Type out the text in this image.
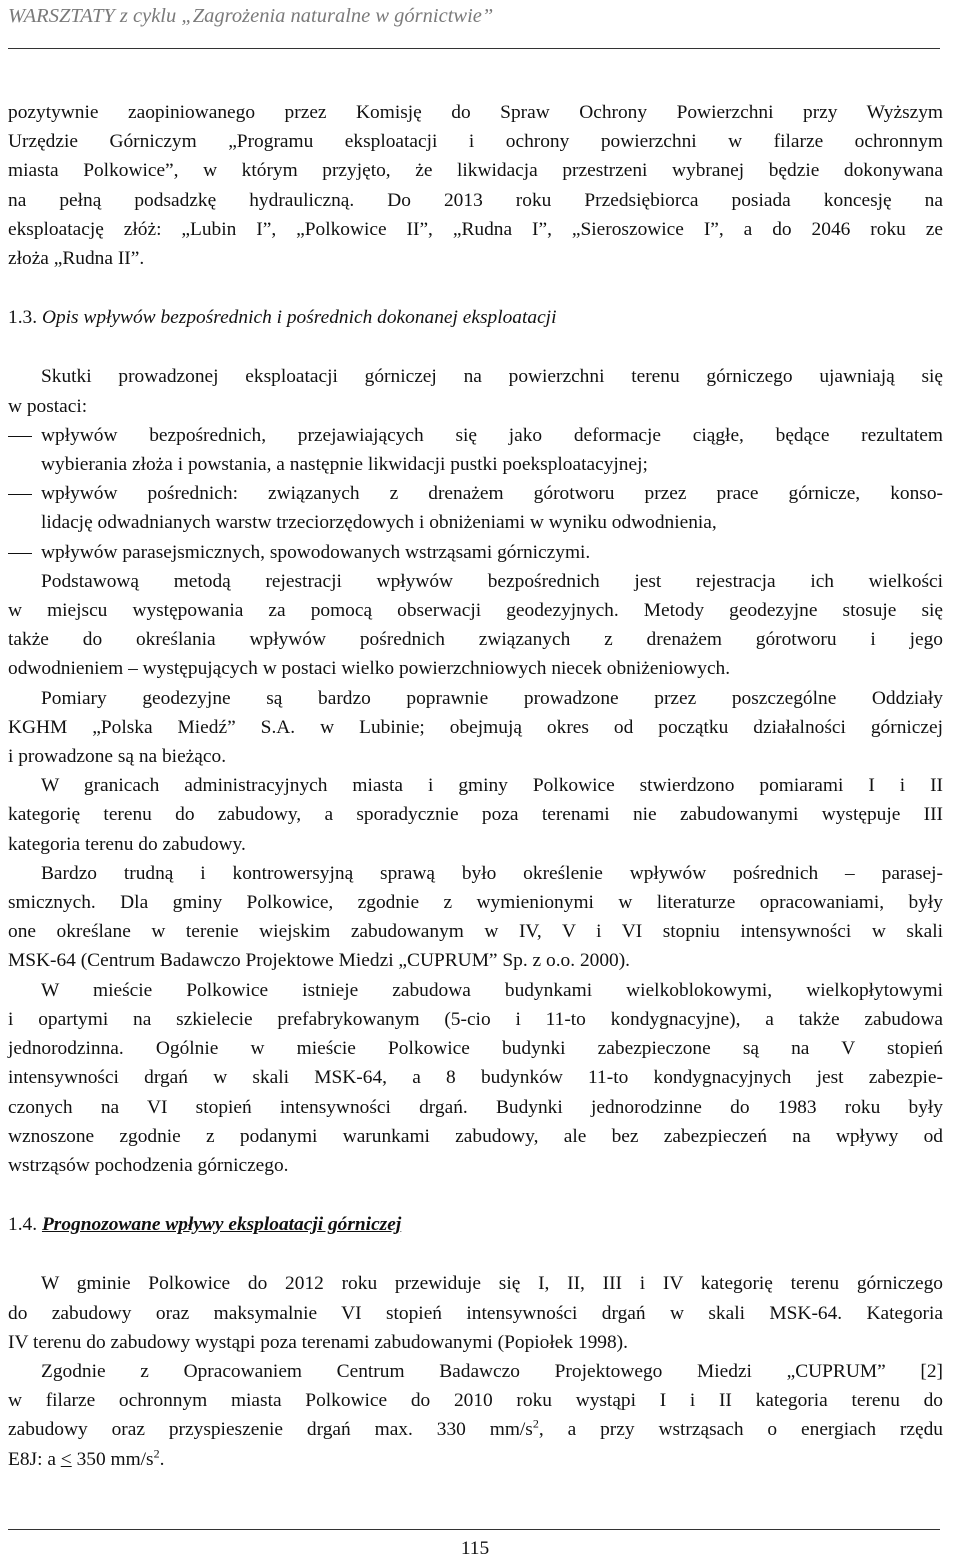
WARSZTATY z cyklu „Zagrożenia naturalne w górnictwie”
pozytywnie zaopiniowanego przez Komisję do Spraw Ochrony Powierzchni przy Wyższym
Urzędzie Górniczym „Programu eksploatacji i ochrony powierzchni w filarze ochronnym
miasta Polkowice”, w którym przyjęto, że likwidacja przestrzeni wybranej będzie dokonywana
na pełną podsadzkę hydrauliczną. Do 2013 roku Przedsiębiorca posiada koncesję na
eksploatację złóż: „Lubin I”, „Polkowice II”, „Rudna I”, „Sieroszowice I”, a do 2046 roku ze
złoża „Rudna II”.
1.3. Opis wpływów bezpośrednich i pośrednich dokonanej eksploatacji
Skutki prowadzonej eksploatacji górniczej na powierzchni terenu górniczego ujawniają się
w postaci:
wpływów bezpośrednich, przejawiających się jako deformacje ciągłe, będące rezultatem
wybierania złoża i powstania, a następnie likwidacji pustki poeksploatacyjnej;
wpływów pośrednich: związanych z drenażem górotworu przez prace górnicze, konso-
lidację odwadnianych warstw trzeciorzędowych i obniżeniami w wyniku odwodnienia,
wpływów parasejsmicznych, spowodowanych wstrząsami górniczymi.
Podstawową metodą rejestracji wpływów bezpośrednich jest rejestracja ich wielkości
w miejscu występowania za pomocą obserwacji geodezyjnych. Metody geodezyjne stosuje się
także do określania wpływów pośrednich związanych z drenażem górotworu i jego
odwodnieniem – występujących w postaci wielko powierzchniowych niecek obniżeniowych.
Pomiary geodezyjne są bardzo poprawnie prowadzone przez poszczególne Oddziały
KGHM „Polska Miedź” S.A. w Lubinie; obejmują okres od początku działalności górniczej
i prowadzone są na bieżąco.
W granicach administracyjnych miasta i gminy Polkowice stwierdzono pomiarami I i II
kategorię terenu do zabudowy, a sporadycznie poza terenami nie zabudowanymi występuje III
kategoria terenu do zabudowy.
Bardzo trudną i kontrowersyjną sprawą było określenie wpływów pośrednich – parasej-
smicznych. Dla gminy Polkowice, zgodnie z wymienionymi w literaturze opracowaniami, były
one określane w terenie wiejskim zabudowanym w IV, V i VI stopniu intensywności w skali
MSK-64 (Centrum Badawczo Projektowe Miedzi „CUPRUM” Sp. z o.o. 2000).
W mieście Polkowice istnieje zabudowa budynkami wielkoblokowymi, wielkopłytowymi
i opartymi na szkielecie prefabrykowanym (5-cio i 11-to kondygnacyjne), a także zabudowa
jednorodzinna. Ogólnie w mieście Polkowice budynki zabezpieczone są na V stopień
intensywności drgań w skali MSK-64, a 8 budynków 11-to kondygnacyjnych jest zabezpie-
czonych na VI stopień intensywności drgań. Budynki jednorodzinne do 1983 roku były
wznoszone zgodnie z podanymi warunkami zabudowy, ale bez zabezpieczeń na wpływy od
wstrząsów pochodzenia górniczego.
1.4. Prognozowane wpływy eksploatacji górniczej
W gminie Polkowice do 2012 roku przewiduje się I, II, III i IV kategorię terenu górniczego
do zabudowy oraz maksymalnie VI stopień intensywności drgań w skali MSK-64. Kategoria
IV terenu do zabudowy wystąpi poza terenami zabudowanymi (Popiołek 1998).
Zgodnie z Opracowaniem Centrum Badawczo Projektowego Miedzi „CUPRUM” [2]
w filarze ochronnym miasta Polkowice do 2010 roku wystąpi I i II kategoria terenu do
zabudowy oraz przyspieszenie drgań max. 330 $mm/s^2$, a przy wstrząsach o energiach rzędu
E8J: a ≤ 350 $mm/s^2$.
115
